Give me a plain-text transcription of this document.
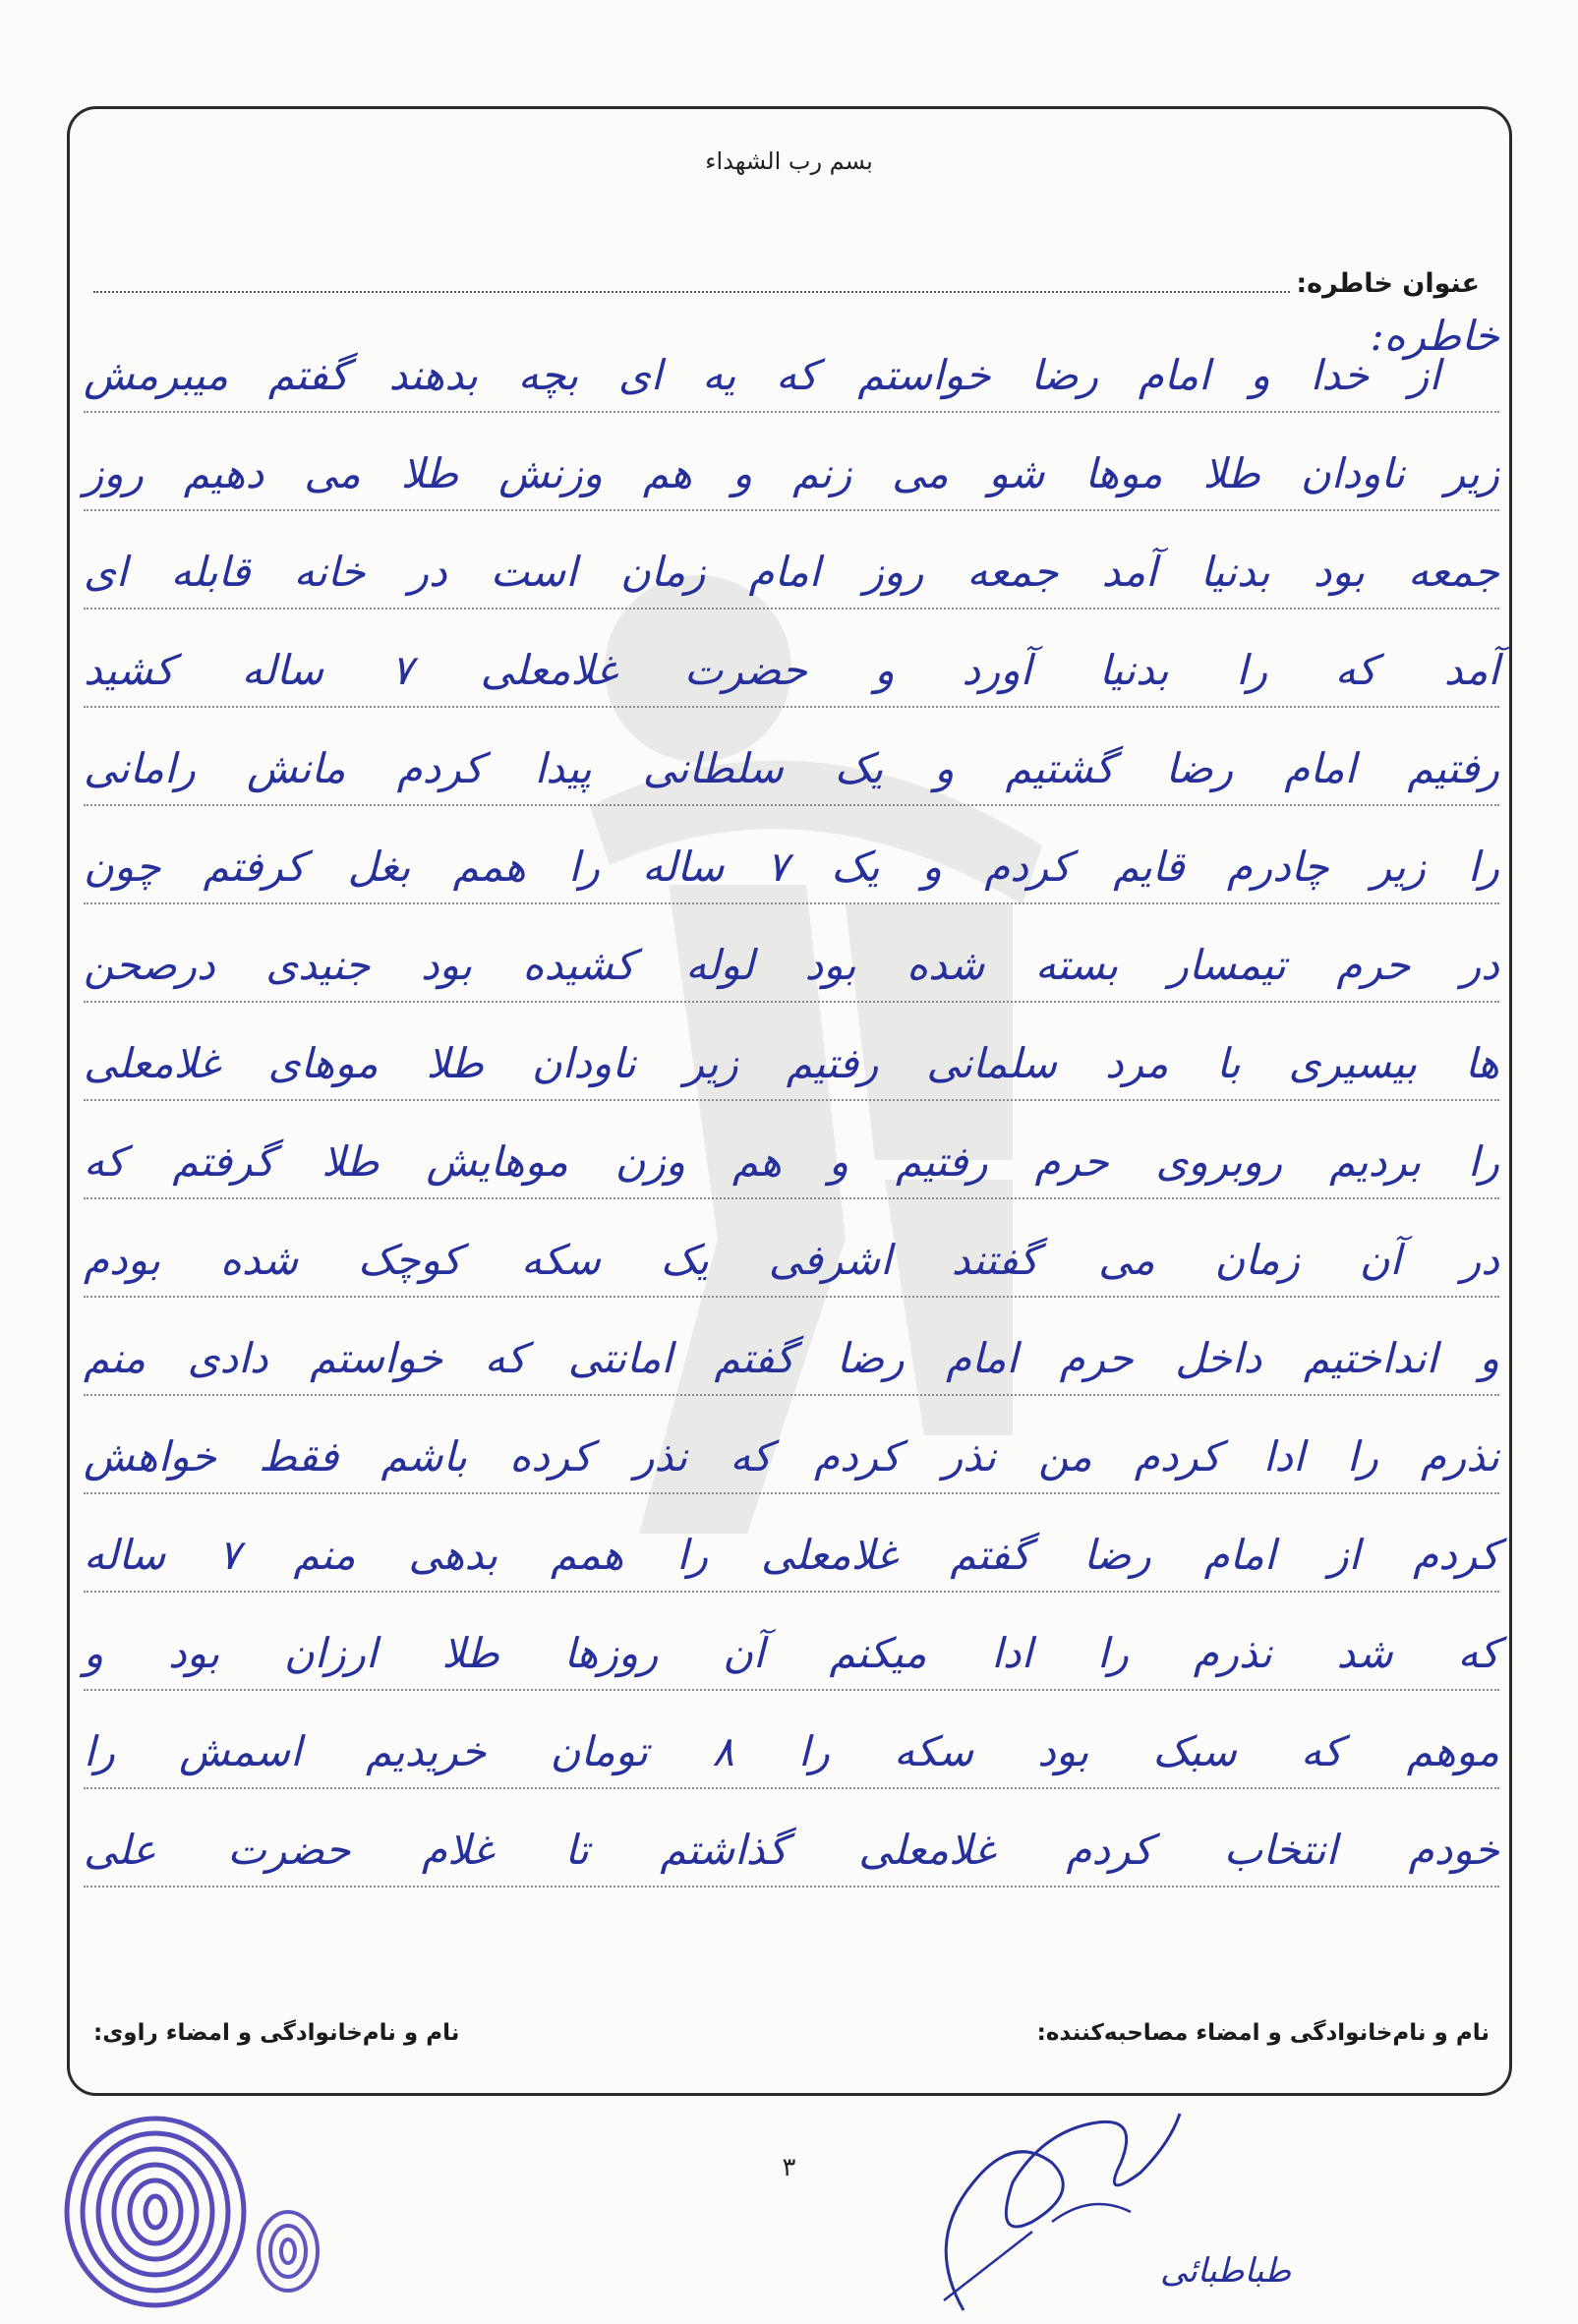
بسم رب الشهداء
عنوان خاطره:
خاطره:
از خدا و امام رضا خواستم که یه ای بچه بدهند گفتم میبرمش
زیر ناودان طلا موها شو می زنم و هم وزنش طلا می دهیم روز
جمعه بود بدنیا آمد جمعه روز امام زمان است در خانه قابله ای
آمد که را بدنیا آورد و حضرت غلامعلی ۷ ساله کشید
رفتیم امام رضا گشتیم و یک سلطانی پیدا کردم مانش رامانی
را زیر چادرم قایم کردم و یک ۷ ساله را همم بغل کرفتم چون
در حرم تیمسار بسته شده بود لوله کشیده بود جنیدی درصحن
ها بیسیری با مرد سلمانی رفتیم زیر ناودان طلا موهای غلامعلی
را بردیم روبروی حرم رفتیم و هم وزن موهایش طلا گرفتم که
در آن زمان می گفتند اشرفی یک سکه کوچک شده بودم
و انداختیم داخل حرم امام رضا گفتم امانتی که خواستم دادی منم
نذرم را ادا کردم من نذر کردم که نذر کرده باشم فقط خواهش
کردم از امام رضا گفتم غلامعلی را همم بدهی منم ۷ ساله
که شد نذرم را ادا میکنم آن روزها طلا ارزان بود و
موهم که سبک بود سکه را ۸ تومان خریدیم اسمش را
خودم انتخاب کردم غلامعلی گذاشتم تا غلام حضرت علی
نام و نام‌خانوادگی و امضاء مصاحبه‌کننده:
نام و نام‌خانوادگی و امضاء راوی:
٣
طباطبائی
